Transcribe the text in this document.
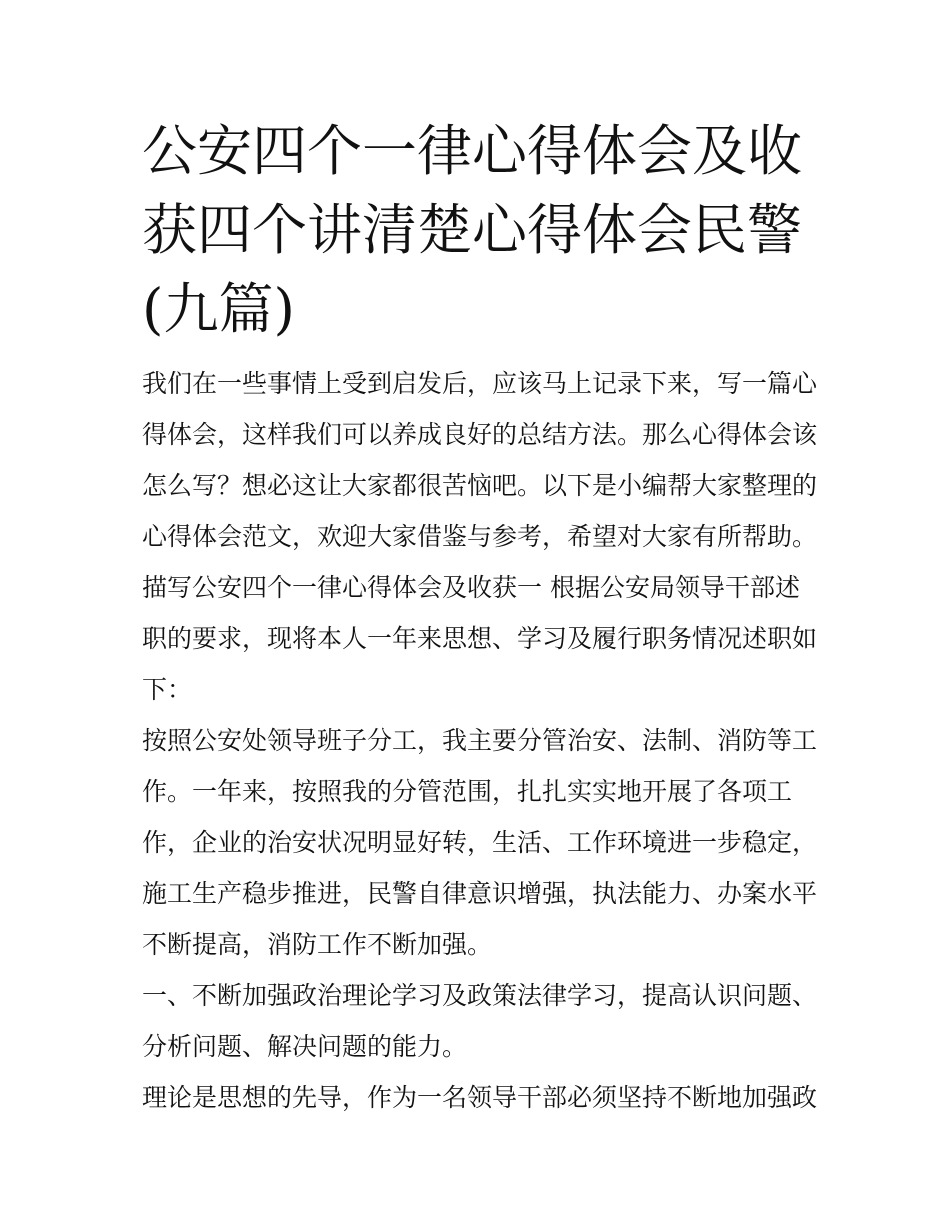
公安四个一律心得体会及收获四个讲清楚心得体会民警(九篇)

我们在一些事情上受到启发后，应该马上记录下来，写一篇心得体会，这样我们可以养成良好的总结方法。那么心得体会该怎么写？想必这让大家都很苦恼吧。以下是小编帮大家整理的心得体会范文，欢迎大家借鉴与参考，希望对大家有所帮助。

描写公安四个一律心得体会及收获一 根据公安局领导干部述职的要求，现将本人一年来思想、学习及履行职务情况述职如下：

按照公安处领导班子分工，我主要分管治安、法制、消防等工作。一年来，按照我的分管范围，扎扎实实地开展了各项工作，企业的治安状况明显好转，生活、工作环境进一步稳定，施工生产稳步推进，民警自律意识增强，执法能力、办案水平不断提高，消防工作不断加强。

一、不断加强政治理论学习及政策法律学习，提高认识问题、分析问题、解决问题的能力。

理论是思想的先导，作为一名领导干部必须坚持不断地加强政
